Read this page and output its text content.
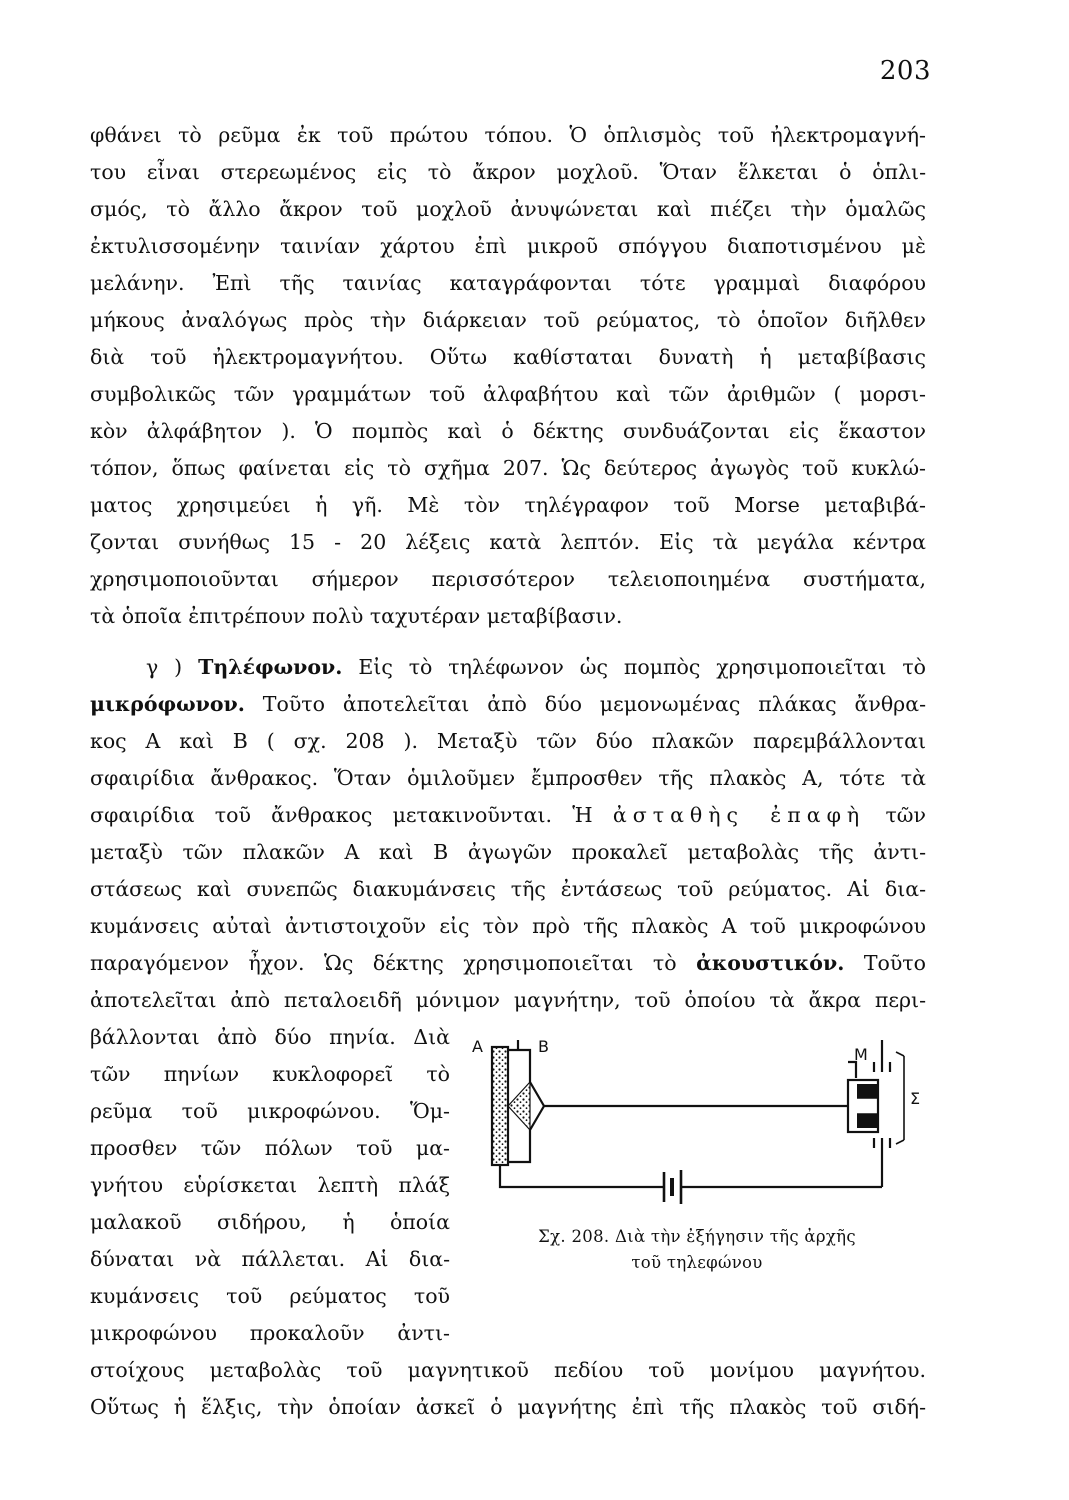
203
φθάνει τὸ ρεῦμα ἐκ τοῦ πρώτου τόπου. Ὁ ὁπλισμὸς τοῦ ἠλεκτρομαγνή-
του εἶναι στερεωμένος εἰς τὸ ἄκρον μοχλοῦ. Ὅταν ἕλκεται ὁ ὁπλι-
σμός, τὸ ἄλλο ἄκρον τοῦ μοχλοῦ ἀνυψώνεται καὶ πιέζει τὴν ὁμαλῶς
ἐκτυλισσομένην ταινίαν χάρτου ἐπὶ μικροῦ σπόγγου διαποτισμένου μὲ
μελάνην. Ἐπὶ τῆς ταινίας καταγράφονται τότε γραμμαὶ διαφόρου
μήκους ἀναλόγως πρὸς τὴν διάρκειαν τοῦ ρεύματος, τὸ ὁποῖον διῆλθεν
διὰ τοῦ ἠλεκτρομαγνήτου. Οὕτω καθίσταται δυνατὴ ἡ μεταβίβασις
συμβολικῶς τῶν γραμμάτων τοῦ ἀλφαβήτου καὶ τῶν ἀριθμῶν ( μορσι-
κὸν ἀλφάβητον ). Ὁ πομπὸς καὶ ὁ δέκτης συνδυάζονται εἰς ἕκαστον
τόπον, ὅπως φαίνεται εἰς τὸ σχῆμα 207. Ὡς δεύτερος ἀγωγὸς τοῦ κυκλώ-
ματος χρησιμεύει ἡ γῆ. Μὲ τὸν τηλέγραφον τοῦ Morse μεταβιβά-
ζονται συνήθως 15 - 20 λέξεις κατὰ λεπτόν. Εἰς τὰ μεγάλα κέντρα
χρησιμοποιοῦνται σήμερον περισσότερον τελειοποιημένα συστήματα,
τὰ ὁποῖα ἐπιτρέπουν πολὺ ταχυτέραν μεταβίβασιν.
γ ) Τηλέφωνον. Εἰς τὸ τηλέφωνον ὡς πομπὸς χρησιμοποιεῖται τὸ
μικρόφωνον. Τοῦτο ἀποτελεῖται ἀπὸ δύο μεμονωμένας πλάκας ἄνθρα-
κος Α καὶ Β ( σχ. 208 ). Μεταξὺ τῶν δύο πλακῶν παρεμβάλλονται
σφαιρίδια ἄνθρακος. Ὅταν ὁμιλοῦμεν ἔμπροσθεν τῆς πλακὸς Α, τότε τὰ
σφαιρίδια τοῦ ἄνθρακος μετακινοῦνται. Ἡ ἀσταθὴς ἐπαφὴ τῶν
μεταξὺ τῶν πλακῶν Α καὶ Β ἀγωγῶν προκαλεῖ μεταβολὰς τῆς ἀντι-
στάσεως καὶ συνεπῶς διακυμάνσεις τῆς ἐντάσεως τοῦ ρεύματος. Αἱ δια-
κυμάνσεις αὐταὶ ἀντιστοιχοῦν εἰς τὸν πρὸ τῆς πλακὸς Α τοῦ μικροφώνου
παραγόμενον ἦχον. Ὡς δέκτης χρησιμοποιεῖται τὸ ἀκουστικόν. Τοῦτο
ἀποτελεῖται ἀπὸ πεταλοειδῆ μόνιμον μαγνήτην, τοῦ ὁποίου τὰ ἄκρα περι-
βάλλονται ἀπὸ δύο πηνία. Διὰ
τῶν πηνίων κυκλοφορεῖ τὸ
ρεῦμα τοῦ μικροφώνου. Ὅμ-
προσθεν τῶν πόλων τοῦ μα-
γνήτου εὑρίσκεται λεπτὴ πλάξ
μαλακοῦ σιδήρου, ἡ ὁποία
δύναται νὰ πάλλεται. Αἱ δια-
κυμάνσεις τοῦ ρεύματος τοῦ
μικροφώνου προκαλοῦν ἀντι-
στοίχους μεταβολὰς τοῦ μαγνητικοῦ πεδίου τοῦ μονίμου μαγνήτου.
Οὕτως ἡ ἕλξις, τὴν ὁποίαν ἀσκεῖ ὁ μαγνήτης ἐπὶ τῆς πλακὸς τοῦ σιδή-
A	B	M
Σ
Σχ. 208. Διὰ τὴν ἐξήγησιν τῆς ἀρχῆς
τοῦ τηλεφώνου
